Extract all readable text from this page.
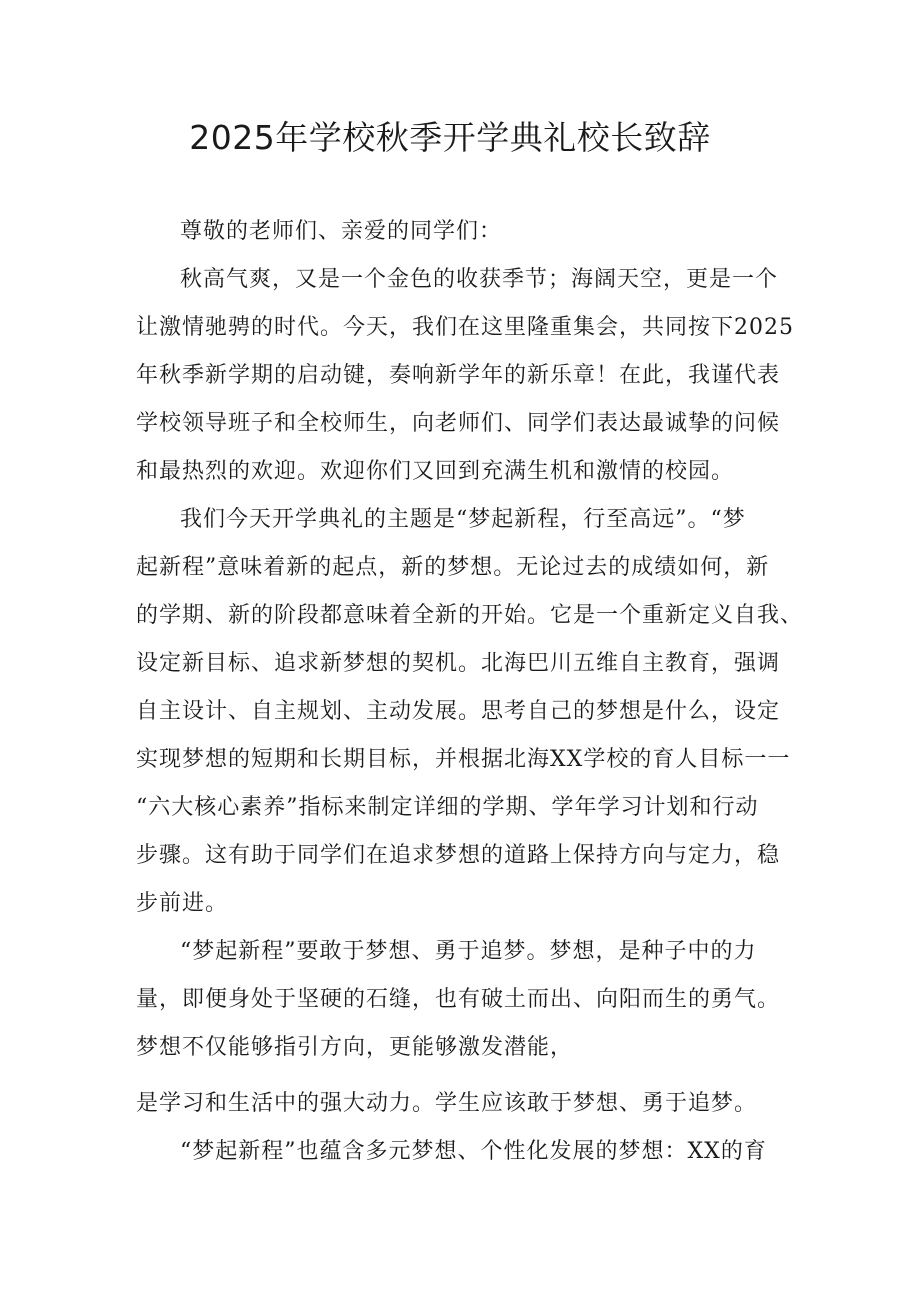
2025年学校秋季开学典礼校长致辞
尊敬的老师们、亲爱的同学们：
秋高气爽，又是一个金色的收获季节；海阔天空，更是一个
让激情驰骋的时代。今天，我们在这里隆重集会，共同按下2025
年秋季新学期的启动键，奏响新学年的新乐章！在此，我谨代表
学校领导班子和全校师生，向老师们、同学们表达最诚挚的问候
和最热烈的欢迎。欢迎你们又回到充满生机和激情的校园。
我们今天开学典礼的主题是“梦起新程，行至高远”。“梦
起新程”意味着新的起点，新的梦想。无论过去的成绩如何，新
的学期、新的阶段都意味着全新的开始。它是一个重新定义自我、
设定新目标、追求新梦想的契机。北海巴川五维自主教育，强调
自主设计、自主规划、主动发展。思考自己的梦想是什么，设定
实现梦想的短期和长期目标，并根据北海XX学校的育人目标一一
“六大核心素养”指标来制定详细的学期、学年学习计划和行动
步骤。这有助于同学们在追求梦想的道路上保持方向与定力，稳
步前进。
“梦起新程”要敢于梦想、勇于追梦。梦想，是种子中的力
量，即便身处于坚硬的石缝，也有破土而出、向阳而生的勇气。
梦想不仅能够指引方向，更能够激发潜能，
是学习和生活中的强大动力。学生应该敢于梦想、勇于追梦。
“梦起新程”也蕴含多元梦想、个性化发展的梦想：XX的育
